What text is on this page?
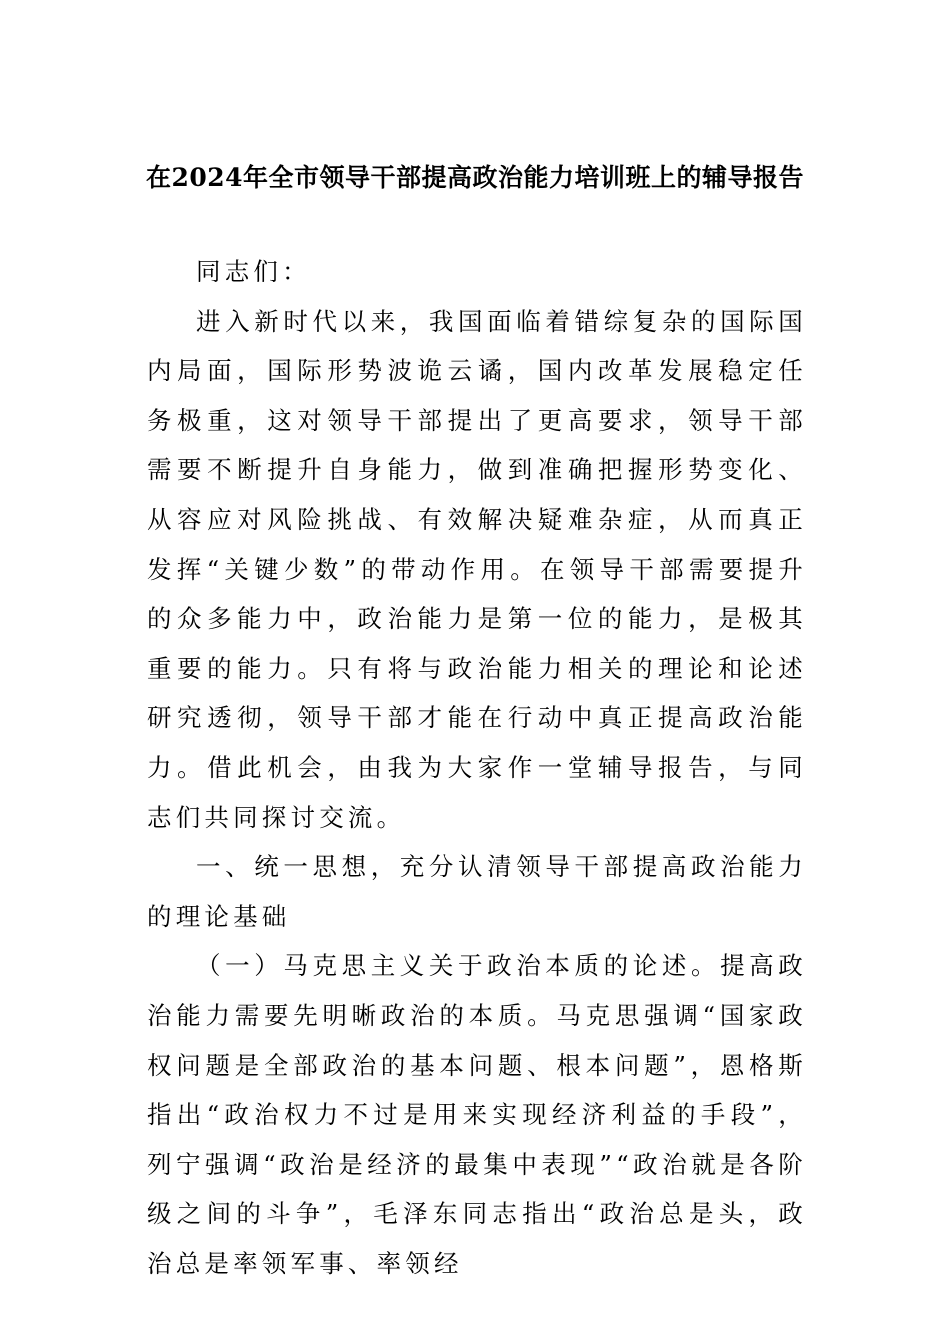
在2024年全市领导干部提高政治能力培训班上的辅导报告

同志们：

进入新时代以来，我国面临着错综复杂的国际国内局面，国际形势波诡云谲，国内改革发展稳定任务极重，这对领导干部提出了更高要求，领导干部需要不断提升自身能力，做到准确把握形势变化、从容应对风险挑战、有效解决疑难杂症，从而真正发挥“关键少数”的带动作用。在领导干部需要提升的众多能力中，政治能力是第一位的能力，是极其重要的能力。只有将与政治能力相关的理论和论述研究透彻，领导干部才能在行动中真正提高政治能力。借此机会，由我为大家作一堂辅导报告，与同志们共同探讨交流。

一、统一思想，充分认清领导干部提高政治能力的理论基础

（一）马克思主义关于政治本质的论述。提高政治能力需要先明晰政治的本质。马克思强调“国家政权问题是全部政治的基本问题、根本问题”，恩格斯指出“政治权力不过是用来实现经济利益的手段”，列宁强调“政治是经济的最集中表现”“政治就是各阶级之间的斗争”，毛泽东同志指出“政治总是头，政治总是率领军事、率领经
